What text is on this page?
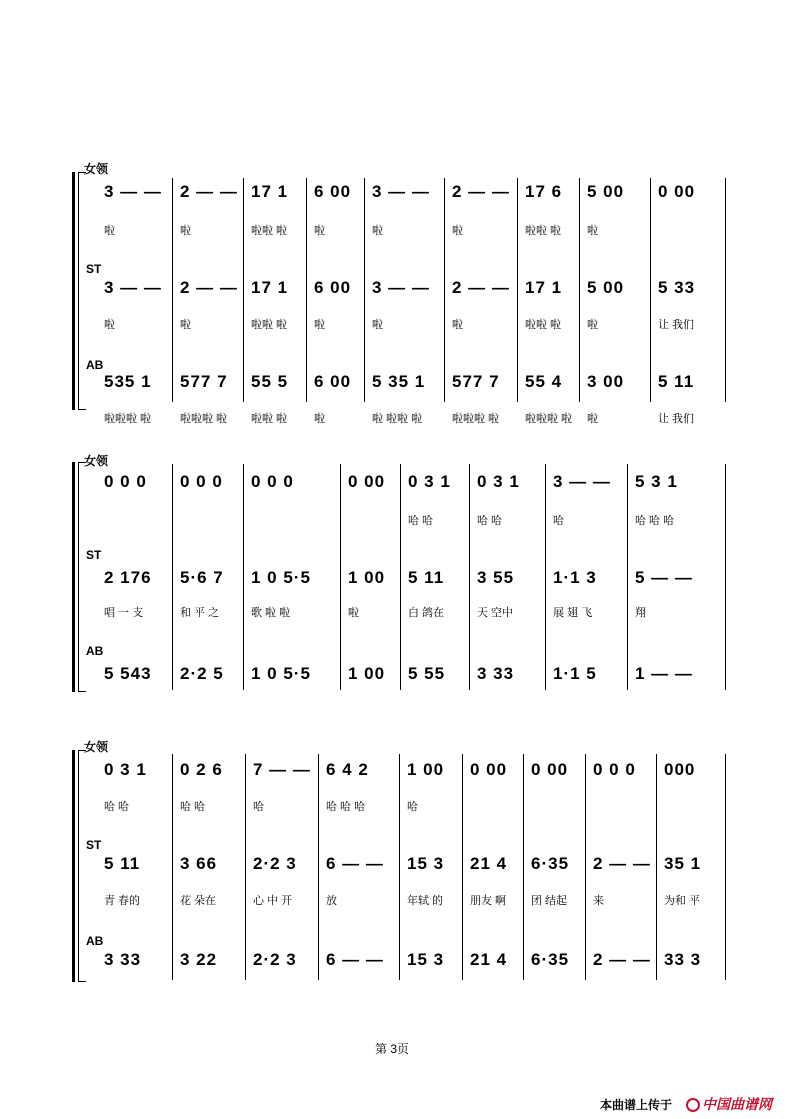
女领
ST
AB
3 — —
啦
2 — —
啦
17 1
啦啦 啦
6 00
啦
3 — —
啦
2 — —
啦
17 6
啦啦 啦
5 00
啦
0 00
3 — —
啦
2 — —
啦
17 1
啦啦 啦
6 00
啦
3 — —
啦
2 — —
啦
17 1
啦啦 啦
5 00
啦
5 33
让 我们
535 1
啦啦啦 啦
577 7
啦啦啦 啦
55 5
啦啦 啦
6 00
啦
5 35 1
啦 啦啦 啦
577 7
啦啦啦 啦
55 4
啦啦啦 啦
3 00
啦
5 11
让 我们
女领
ST
AB
0 0 0 0 0 0 0 0 0	0 00 0 3 1
哈 哈
0 3 1
哈 哈
3 — —
哈
5 3 1
哈 哈 哈
2 176
唱 一 支
5·6 7
和 平 之
1 0 5·5
歌 啦 啦
1 00
啦
5 11
白 鸽在
3 55
天 空中
1·1 3
展 翅 飞
5 — —
翔
5 543 2·2 5 1 0 5·5 1 00 5 55 3 33 1·1 5 1 — —
女领
ST
AB
0 3 1
哈 哈
0 2 6
哈 哈
7 — —
哈
6 4 2
哈 哈 哈
1 00
哈
0 00 0 00 0 0 0 000
5 11
青 春的
3 66
花 朵在
2·2 3
心 中 开
6 — —
放
15 3
年轼 的
21 4
朋友 啊
6·35
团 结起
2 — —
来
35 1
为和 平
3 33 3 22 2·2 3 6 — — 15 3 21 4 6·35 2 — — 33 3
第 3页
本曲谱上传于	中国曲谱网
